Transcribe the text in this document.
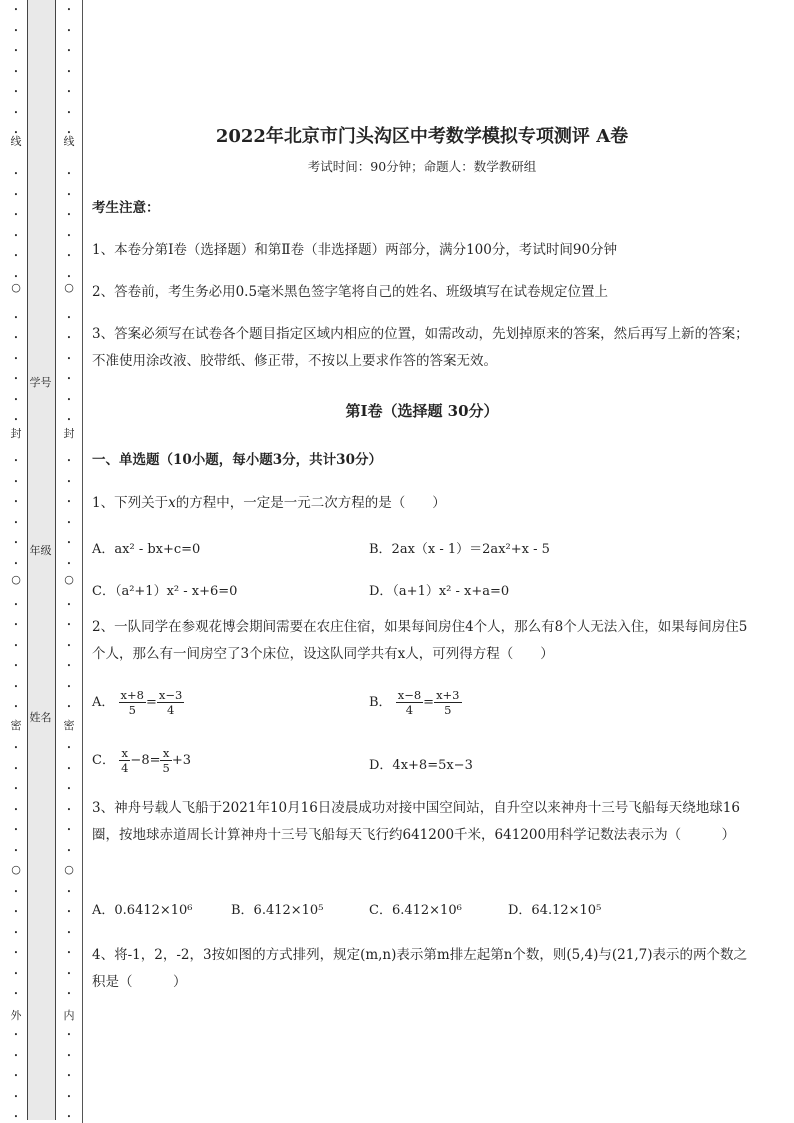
•
•
•
•
•
•
•
线
•
•
•
•
•
•
○
•
•
•
•
•
•
封
•
•
•
•
•
•
○
•
•
•
•
•
•
密
•
•
•
•
•
•
○
•
•
•
•
•
•
外
•
•
•
•
•
学号
年级
姓名
•
•
•
•
•
•
•
线
•
•
•
•
•
•
○
•
•
•
•
•
•
封
•
•
•
•
•
•
○
•
•
•
•
•
•
密
•
•
•
•
•
•
○
•
•
•
•
•
•
内
•
•
•
•
•
2022年北京市门头沟区中考数学模拟专项测评 A卷
考试时间：90分钟；命题人：数学教研组
考生注意：
1、本卷分第I卷（选择题）和第Ⅱ卷（非选择题）两部分，满分100分，考试时间90分钟
2、答卷前，考生务必用0.5毫米黑色签字笔将自己的姓名、班级填写在试卷规定位置上
3、答案必须写在试卷各个题目指定区域内相应的位置，如需改动，先划掉原来的答案，然后再写上新的答案；不准使用涂改液、胶带纸、修正带，不按以上要求作答的答案无效。
第I卷（选择题 30分）
一、单选题（10小题，每小题3分，共计30分）
1、下列关于x的方程中，一定是一元二次方程的是（　　）
A．ax² - bx+c=0	B．2ax（x - 1）＝2ax²+x - 5
C．（a²+1）x² - x+6=0	D．（a+1）x² - x+a=0
2、一队同学在参观花博会期间需要在农庄住宿，如果每间房住4个人，那么有8个人无法入住，如果每间房住5个人，那么有一间房空了3个床位，设这队同学共有x人，可列得方程（　　）
A． $\frac{x+8}{5} = \frac{x-3}{4}$	B． $\frac{x-8}{4} = \frac{x+3}{5}$
C． $\frac{x}{4} -8= \frac{x}{5} +3$	D．4x+8=5x−3
3、神舟号载人飞船于2021年10月16日凌晨成功对接中国空间站，自升空以来神舟十三号飞船每天绕地球16圈，按地球赤道周长计算神舟十三号飞船每天飞行约641200千米，641200用科学记数法表示为（　　　）
A．0.6412×10⁶	B．6.412×10⁵	C．6.412×10⁶	D．64.12×10⁵
4、将-1，2，-2，3按如图的方式排列，规定(m,n)表示第m排左起第n个数，则(5,4)与(21,7)表示的两个数之积是（　　　）
